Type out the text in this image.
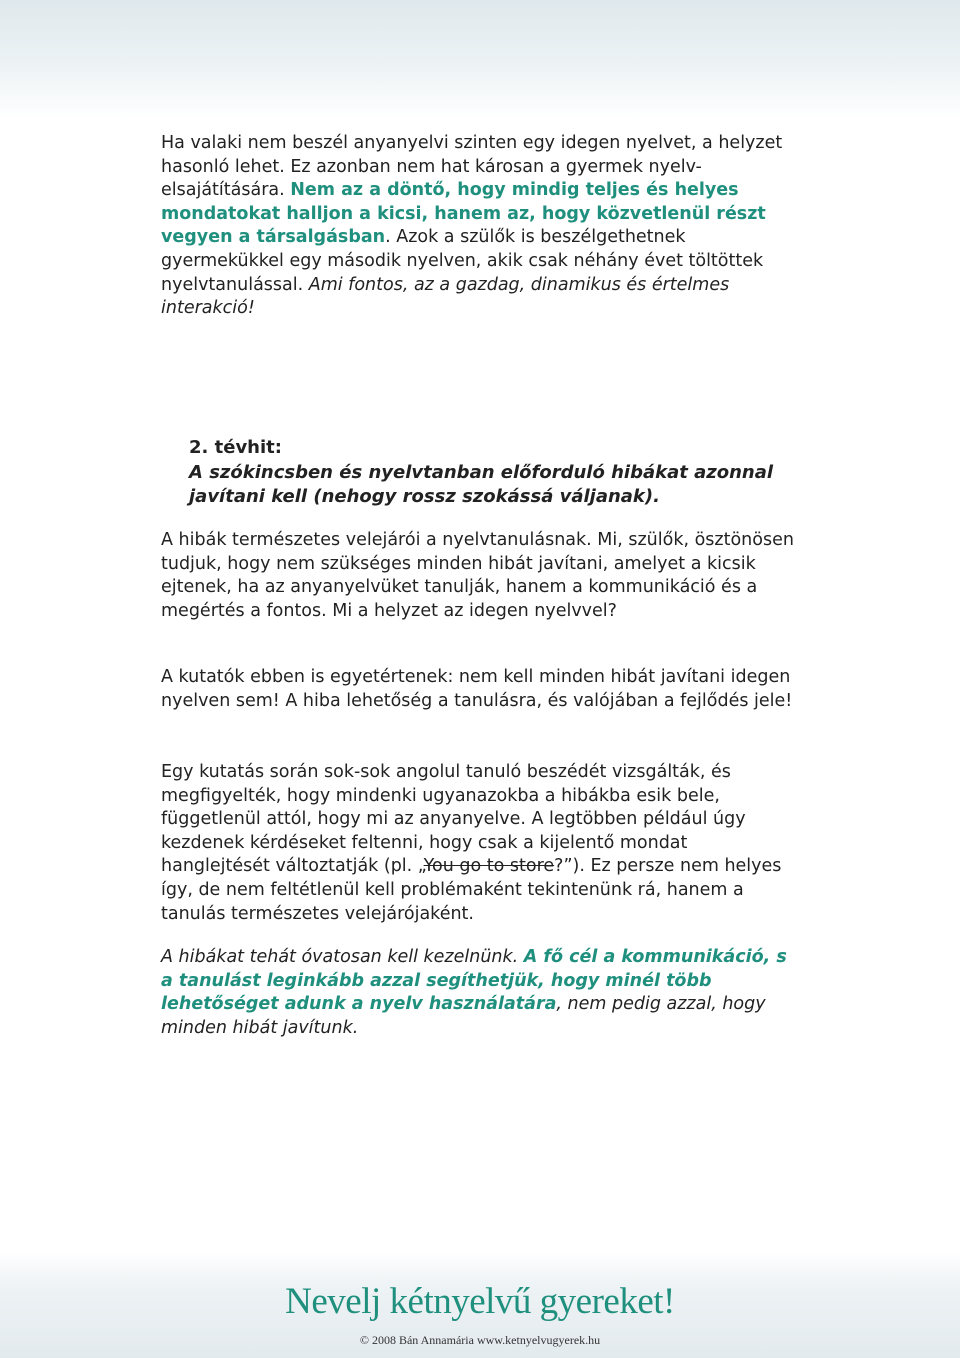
Ha valaki nem beszél anyanyelvi szinten egy idegen nyelvet, a helyzet hasonló lehet. Ez azonban nem hat károsan a gyermek nyelv-elsajátítására. Nem az a döntő, hogy mindig teljes és helyes mondatokat halljon a kicsi, hanem az, hogy közvetlenül részt vegyen a társalgásban. Azok a szülők is beszélgethetnek gyermekükkel egy második nyelven, akik csak néhány évet töltöttek nyelvtanulással. Ami fontos, az a gazdag, dinamikus és értelmes interakció!

2. tévhit:
A szókincsben és nyelvtanban előforduló hibákat azonnal javítani kell (nehogy rossz szokássá váljanak).

A hibák természetes velejárói a nyelvtanulásnak. Mi, szülők, ösztönösen tudjuk, hogy nem szükséges minden hibát javítani, amelyet a kicsik ejtenek, ha az anyanyelvüket tanulják, hanem a kommunikáció és a megértés a fontos. Mi a helyzet az idegen nyelvvel?

A kutatók ebben is egyetértenek: nem kell minden hibát javítani idegen nyelven sem! A hiba lehetőség a tanulásra, és valójában a fejlődés jele!

Egy kutatás során sok-sok angolul tanuló beszédét vizsgálták, és megfigyelték, hogy mindenki ugyanazokba a hibákba esik bele, függetlenül attól, hogy mi az anyanyelve. A legtöbben például úgy kezdenek kérdéseket feltenni, hogy csak a kijelentő mondat hanglejtését változtatják (pl. „You go to store?”). Ez persze nem helyes így, de nem feltétlenül kell problémaként tekintenünk rá, hanem a tanulás természetes velejárójaként.

A hibákat tehát óvatosan kell kezelnünk. A fő cél a kommunikáció, s a tanulást leginkább azzal segíthetjük, hogy minél több lehetőséget adunk a nyelv használatára, nem pedig azzal, hogy minden hibát javítunk.

Nevelj kétnyelvű gyereket!
© 2008 Bán Annamária www.ketnyelvugyerek.hu
